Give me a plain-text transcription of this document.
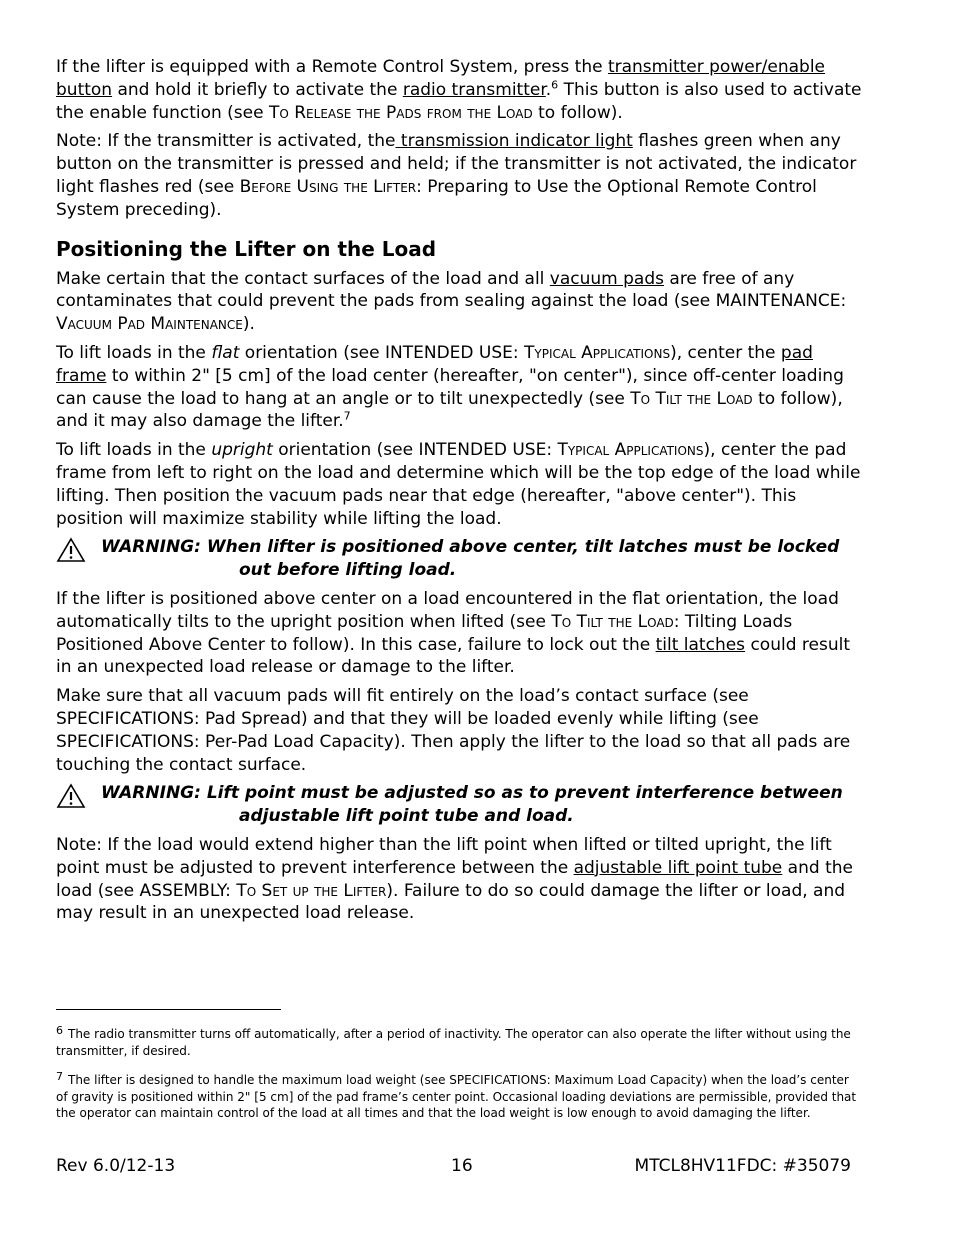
If the lifter is equipped with a Remote Control System, press the transmitter power/enable button and hold it briefly to activate the radio transmitter.$^6$ This button is also used to activate the enable function (see To Release the Pads from the Load to follow).

Note: If the transmitter is activated, the transmission indicator light flashes green when any button on the transmitter is pressed and held; if the transmitter is not activated, the indicator light flashes red (see Before Using the Lifter: Preparing to Use the Optional Remote Control System preceding).

Positioning the Lifter on the Load

Make certain that the contact surfaces of the load and all vacuum pads are free of any contaminates that could prevent the pads from sealing against the load (see MAINTENANCE: Vacuum Pad Maintenance).

To lift loads in the flat orientation (see INTENDED USE: Typical Applications), center the pad frame to within 2" [5 cm] of the load center (hereafter, "on center"), since off-center loading can cause the load to hang at an angle or to tilt unexpectedly (see To Tilt the Load to follow), and it may also damage the lifter.$^7$

To lift loads in the upright orientation (see INTENDED USE: Typical Applications), center the pad frame from left to right on the load and determine which will be the top edge of the load while lifting. Then position the vacuum pads near that edge (hereafter, "above center"). This position will maximize stability while lifting the load.

WARNING: When lifter is positioned above center, tilt latches must be locked
out before lifting load.

If the lifter is positioned above center on a load encountered in the flat orientation, the load automatically tilts to the upright position when lifted (see To Tilt the Load: Tilting Loads Positioned Above Center to follow). In this case, failure to lock out the tilt latches could result in an unexpected load release or damage to the lifter.

Make sure that all vacuum pads will fit entirely on the load’s contact surface (see SPECIFICATIONS: Pad Spread) and that they will be loaded evenly while lifting (see SPECIFICATIONS: Per-Pad Load Capacity). Then apply the lifter to the load so that all pads are touching the contact surface.

WARNING: Lift point must be adjusted so as to prevent interference between
adjustable lift point tube and load.

Note: If the load would extend higher than the lift point when lifted or tilted upright, the lift point must be adjusted to prevent interference between the adjustable lift point tube and the load (see ASSEMBLY: To Set up the Lifter). Failure to do so could damage the lifter or load, and may result in an unexpected load release.

$^6$ The radio transmitter turns off automatically, after a period of inactivity. The operator can also operate the lifter without using the transmitter, if desired.
$^7$ The lifter is designed to handle the maximum load weight (see SPECIFICATIONS: Maximum Load Capacity) when the load’s center of gravity is positioned within 2" [5 cm] of the pad frame’s center point. Occasional loading deviations are permissible, provided that the operator can maintain control of the load at all times and that the load weight is low enough to avoid damaging the lifter.
Rev 6.0/12-13	16	MTCL8HV11FDC: #35079
